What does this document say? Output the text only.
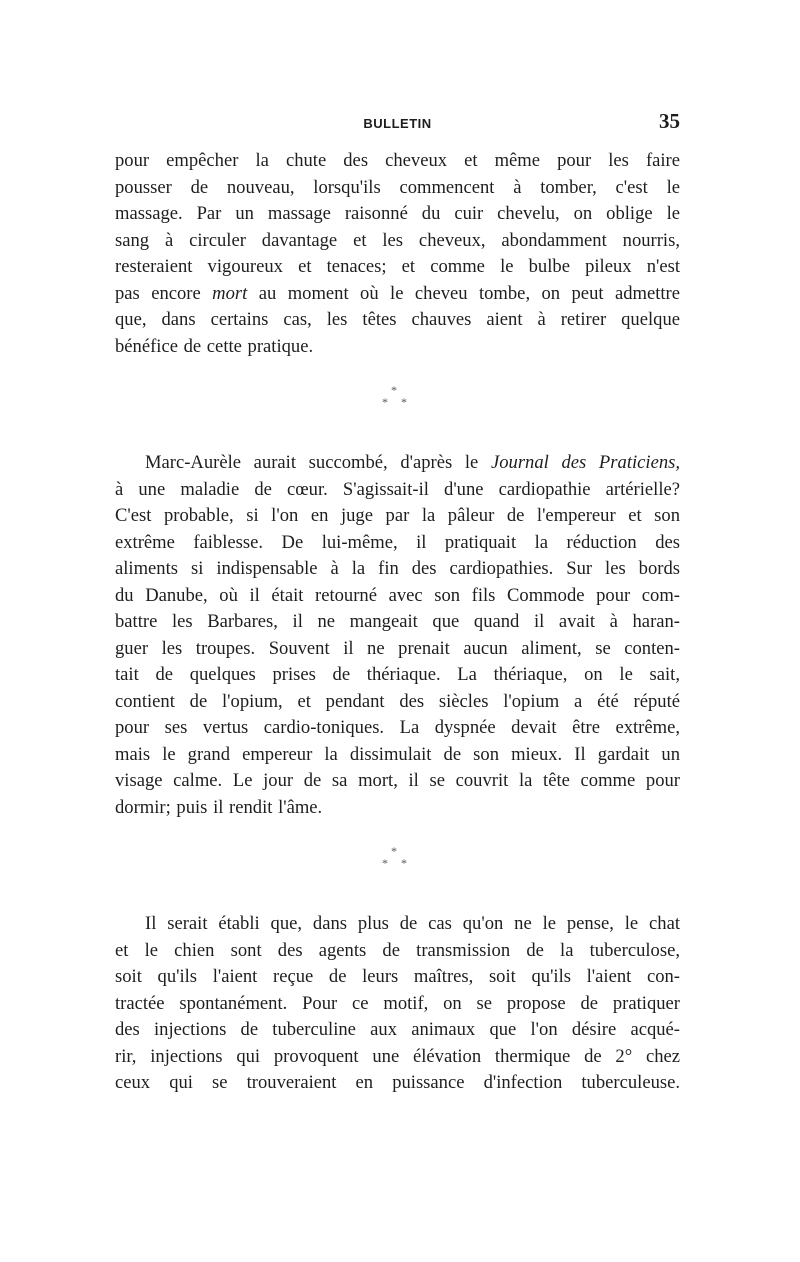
BULLETIN	35

pour empêcher la chute des cheveux et même pour les faire
pousser de nouveau, lorsqu'ils commencent à tomber, c'est le
massage. Par un massage raisonné du cuir chevelu, on oblige le
sang à circuler davantage et les cheveux, abondamment nourris,
resteraient vigoureux et tenaces; et comme le bulbe pileux n'est
pas encore mort au moment où le cheveu tombe, on peut admettre
que, dans certains cas, les têtes chauves aient à retirer quelque
bénéfice de cette pratique.

*
* *

Marc-Aurèle aurait succombé, d'après le Journal des Praticiens,
à une maladie de cœur. S'agissait-il d'une cardiopathie artérielle?
C'est probable, si l'on en juge par la pâleur de l'empereur et son
extrême faiblesse. De lui-même, il pratiquait la réduction des
aliments si indispensable à la fin des cardiopathies. Sur les bords
du Danube, où il était retourné avec son fils Commode pour com-
battre les Barbares, il ne mangeait que quand il avait à haran-
guer les troupes. Souvent il ne prenait aucun aliment, se conten-
tait de quelques prises de thériaque. La thériaque, on le sait,
contient de l'opium, et pendant des siècles l'opium a été réputé
pour ses vertus cardio-toniques. La dyspnée devait être extrême,
mais le grand empereur la dissimulait de son mieux. Il gardait un
visage calme. Le jour de sa mort, il se couvrit la tête comme pour
dormir; puis il rendit l'âme.

*
* *

Il serait établi que, dans plus de cas qu'on ne le pense, le chat
et le chien sont des agents de transmission de la tuberculose,
soit qu'ils l'aient reçue de leurs maîtres, soit qu'ils l'aient con-
tractée spontanément. Pour ce motif, on se propose de pratiquer
des injections de tuberculine aux animaux que l'on désire acqué-
rir, injections qui provoquent une élévation thermique de 2° chez
ceux qui se trouveraient en puissance d'infection tuberculeuse.
